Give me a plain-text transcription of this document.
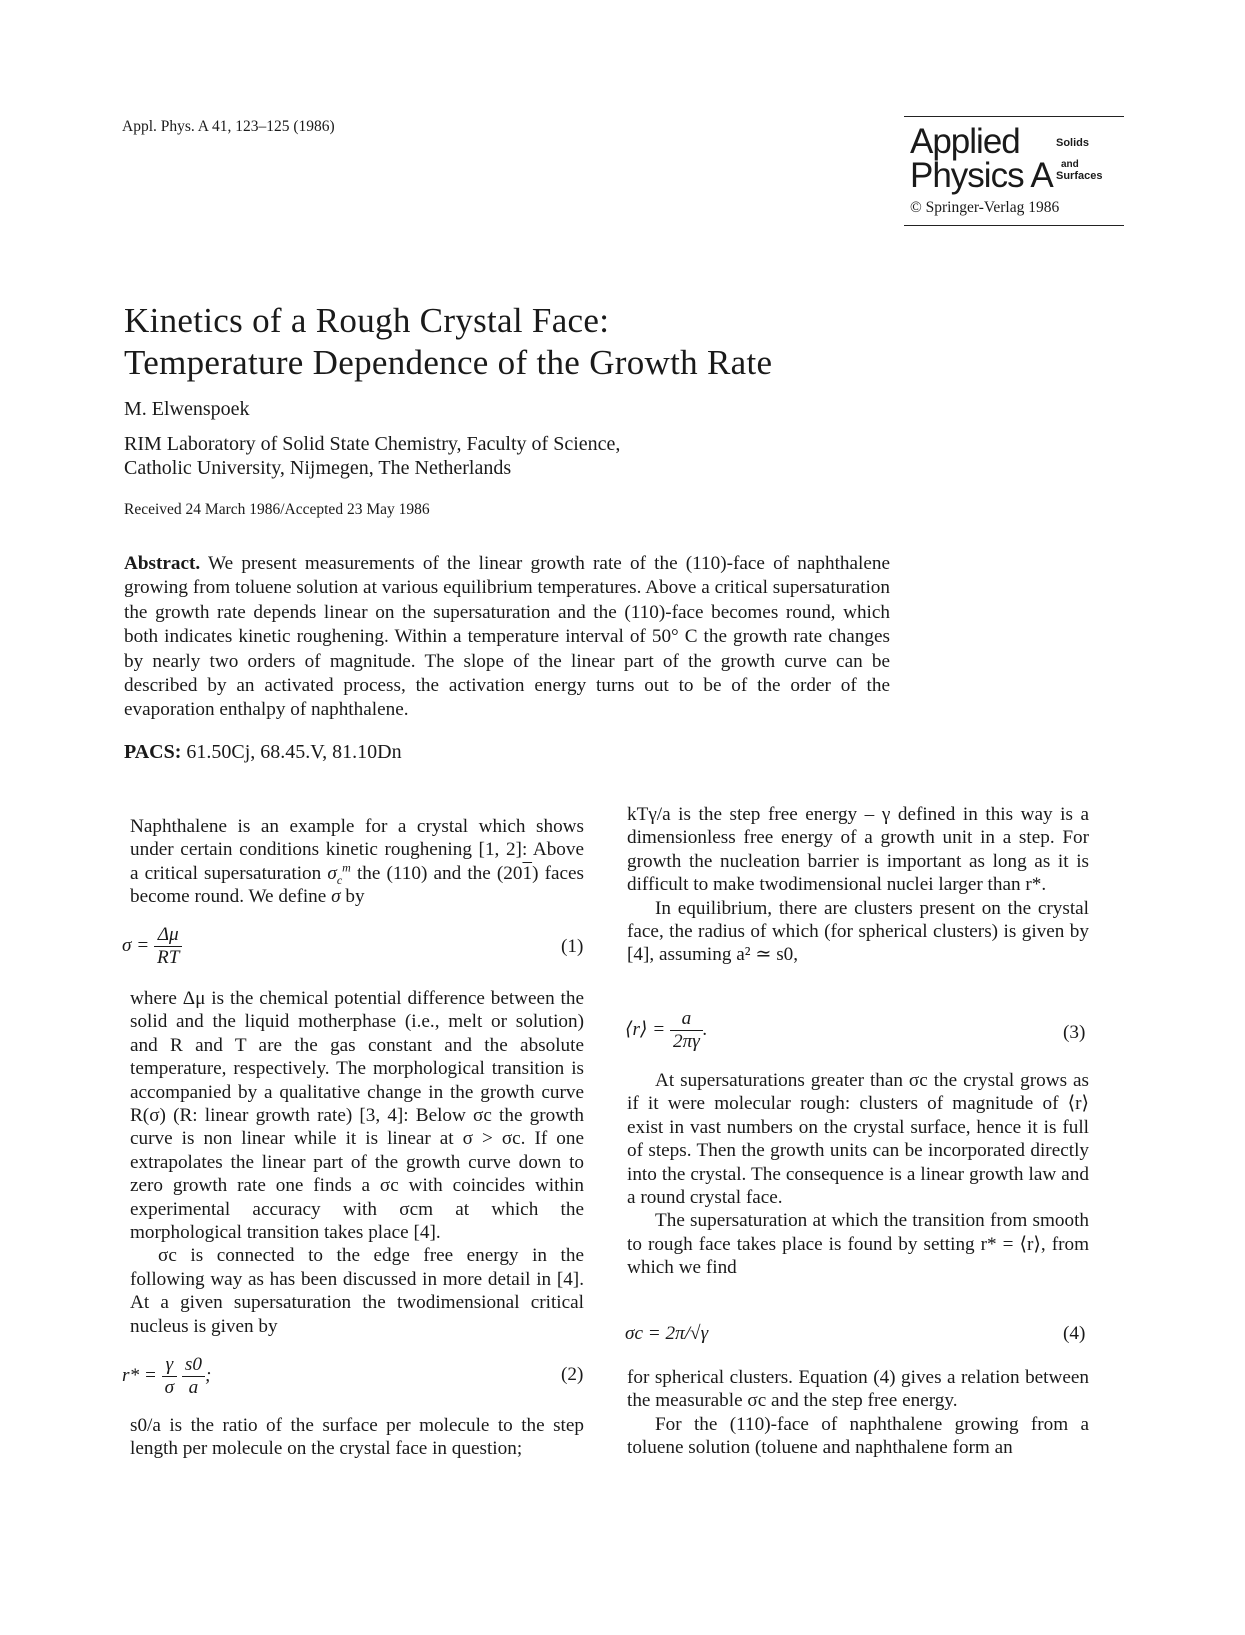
Appl. Phys. A 41, 123–125 (1986)	Applied
Physics A
Solids
and
Surfaces
© Springer-Verlag 1986
Kinetics of a Rough Crystal Face:
Temperature Dependence of the Growth Rate
M. Elwenspoek
RIM Laboratory of Solid State Chemistry, Faculty of Science,
Catholic University, Nijmegen, The Netherlands
Received 24 March 1986/Accepted 23 May 1986
Abstract. We present measurements of the linear growth rate of the (110)-face of naphthalene growing from toluene solution at various equilibrium temperatures. Above a critical supersaturation the growth rate depends linear on the supersaturation and the (110)-face becomes round, which both indicates kinetic roughening. Within a temperature interval of 50° C the growth rate changes by nearly two orders of magnitude. The slope of the linear part of the growth curve can be described by an activated process, the activation energy turns out to be of the order of the evaporation enthalpy of naphthalene.
PACS: 61.50Cj, 68.45.V, 81.10Dn

Naphthalene is an example for a crystal which shows under certain conditions kinetic roughening [1, 2]: Above a critical supersaturation $\sigma_c^m$ the (110) and the (201) faces become round. We define σ by

$\sigma = \frac{\Delta\mu}{RT}$	(1)

where Δμ is the chemical potential difference between the solid and the liquid motherphase (i.e., melt or solution) and R and T are the gas constant and the absolute temperature, respectively. The morphological transition is accompanied by a qualitative change in the growth curve R(σ) (R: linear growth rate) [3, 4]: Below σc the growth curve is non linear while it is linear at σ > σc. If one extrapolates the linear part of the growth curve down to zero growth rate one finds a σc with coincides within experimental accuracy with σcm at which the morphological transition takes place [4].

σc is connected to the edge free energy in the following way as has been discussed in more detail in [4]. At a given supersaturation the twodimensional critical nucleus is given by

$r* = \frac{\gamma}{\sigma}$
$\frac{s0}{a}$ ;	(2)
s0/a is the ratio of the surface per molecule to the step length per molecule on the crystal face in question;

kTγ/a is the step free energy – γ defined in this way is a dimensionless free energy of a growth unit in a step. For growth the nucleation barrier is important as long as it is difficult to make twodimensional nuclei larger than r*.

In equilibrium, there are clusters present on the crystal face, the radius of which (for spherical clusters) is given by [4], assuming a² ≃ s0,

⟨r⟩ = $\frac{a}{2\pi\gamma}$ .	(3)

At supersaturations greater than σc the crystal grows as if it were molecular rough: clusters of magnitude of ⟨r⟩ exist in vast numbers on the crystal surface, hence it is full of steps. Then the growth units can be incorporated directly into the crystal. The consequence is a linear growth law and a round crystal face.

The supersaturation at which the transition from smooth to rough face takes place is found by setting r* = ⟨r⟩, from which we find

σc = 2π/√γ	(4)

for spherical clusters. Equation (4) gives a relation between the measurable σc and the step free energy.

For the (110)-face of naphthalene growing from a toluene solution (toluene and naphthalene form an
